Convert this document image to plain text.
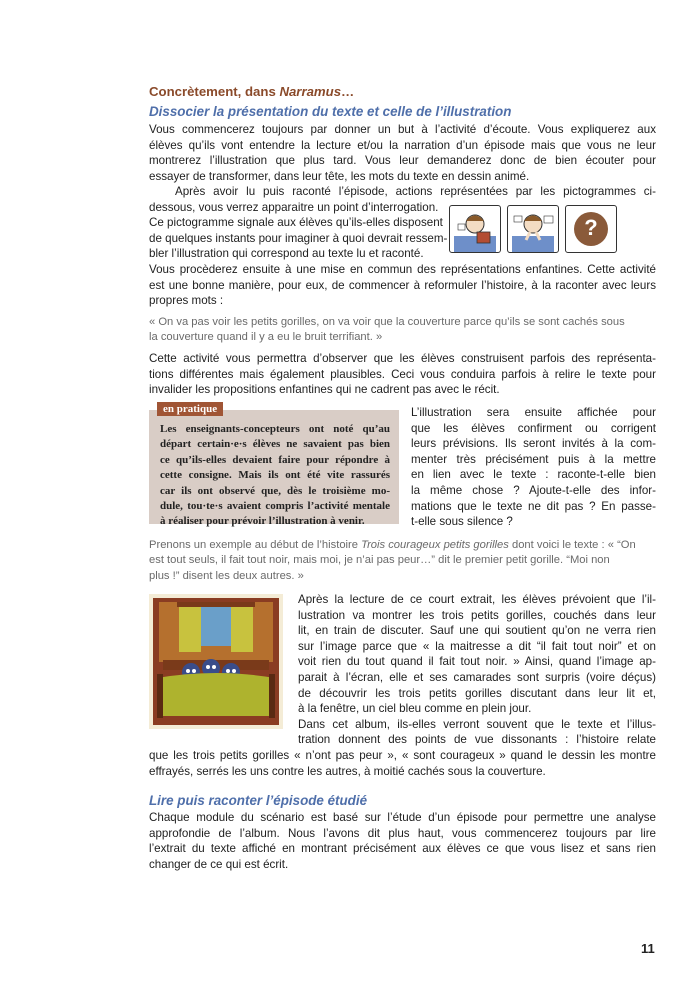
Concrètement, dans Narramus…
Dissocier la présentation du texte et celle de l’illustration
Vous commencerez toujours par donner un but à l’activité d’écoute. Vous expliquerez aux
élèves qu’ils vont entendre la lecture et/ou la narration d’un épisode mais que vous ne leur
montrerez l’illustration que plus tard. Vous leur demanderez donc de bien écouter pour
essayer de transformer, dans leur tête, les mots du texte en dessin animé.
Après avoir lu puis raconté l’épisode, actions représentées par les pictogrammes ci-
dessous, vous verrez apparaitre un point d’interrogation.
Ce pictogramme signale aux élèves qu’ils-elles disposent
de quelques instants pour imaginer à quoi devrait ressem-
bler l’illustration qui correspond au texte lu et raconté.
?
Vous procèderez ensuite à une mise en commun des représentations enfantines. Cette activité
est une bonne manière, pour eux, de commencer à reformuler l’histoire, à la raconter avec leurs
propres mots :
« On va pas voir les petits gorilles, on va voir que la couverture parce qu’ils se sont cachés sous
la couverture quand il y a eu le bruit terrifiant. »
Cette activité vous permettra d’observer que les élèves construisent parfois des représenta-
tions différentes mais également plausibles. Ceci vous conduira parfois à relire le texte pour
invalider les propositions enfantines qui ne cadrent pas avec le récit.
en pratique
Les enseignants-concepteurs ont noté qu’au
départ certain·e·s élèves ne savaient pas bien
ce qu’ils-elles devaient faire pour répondre à
cette consigne. Mais ils ont été vite rassurés
car ils ont observé que, dès le troisième mo-
dule, tou·te·s avaient compris l’activité mentale
à réaliser pour prévoir l’illustration à venir.
L’illustration sera ensuite affichée pour
que les élèves confirment ou corrigent
leurs prévisions. Ils seront invités à la com-
menter très précisément puis à la mettre
en lien avec le texte : raconte-t-elle bien
la même chose ? Ajoute-t-elle des infor-
mations que le texte ne dit pas ? En passe-
t-elle sous silence ?
Prenons un exemple au début de l’histoire Trois courageux petits gorilles dont voici le texte : « “On
est tout seuls, il fait tout noir, mais moi, je n’ai pas peur…” dit le premier petit gorille. “Moi non
plus !” disent les deux autres. »
Après la lecture de ce court extrait, les élèves prévoient que l’il-
lustration va montrer les trois petits gorilles, couchés dans leur
lit, en train de discuter. Sauf une qui soutient qu’on ne verra rien
sur l’image parce que « la maitresse a dit “il fait tout noir” et on
voit rien du tout quand il fait tout noir. » Ainsi, quand l’image ap-
parait à l’écran, elle et ses camarades sont surpris (voire déçus)
de découvrir les trois petits gorilles discutant dans leur lit et,
à la fenêtre, un ciel bleu comme en plein jour.
Dans cet album, ils-elles verront souvent que le texte et l’illus-
tration donnent des points de vue dissonants : l’histoire relate
que les trois petits gorilles « n’ont pas peur », « sont courageux » quand le dessin les montre
effrayés, serrés les uns contre les autres, à moitié cachés sous la couverture.
Lire puis raconter l’épisode étudié
Chaque module du scénario est basé sur l’étude d’un épisode pour permettre une analyse
approfondie de l’album. Nous l’avons dit plus haut, vous commencerez toujours par lire
l’extrait du texte affiché en montrant précisément aux élèves ce que vous lisez et sans rien
changer de ce qui est écrit.
11
